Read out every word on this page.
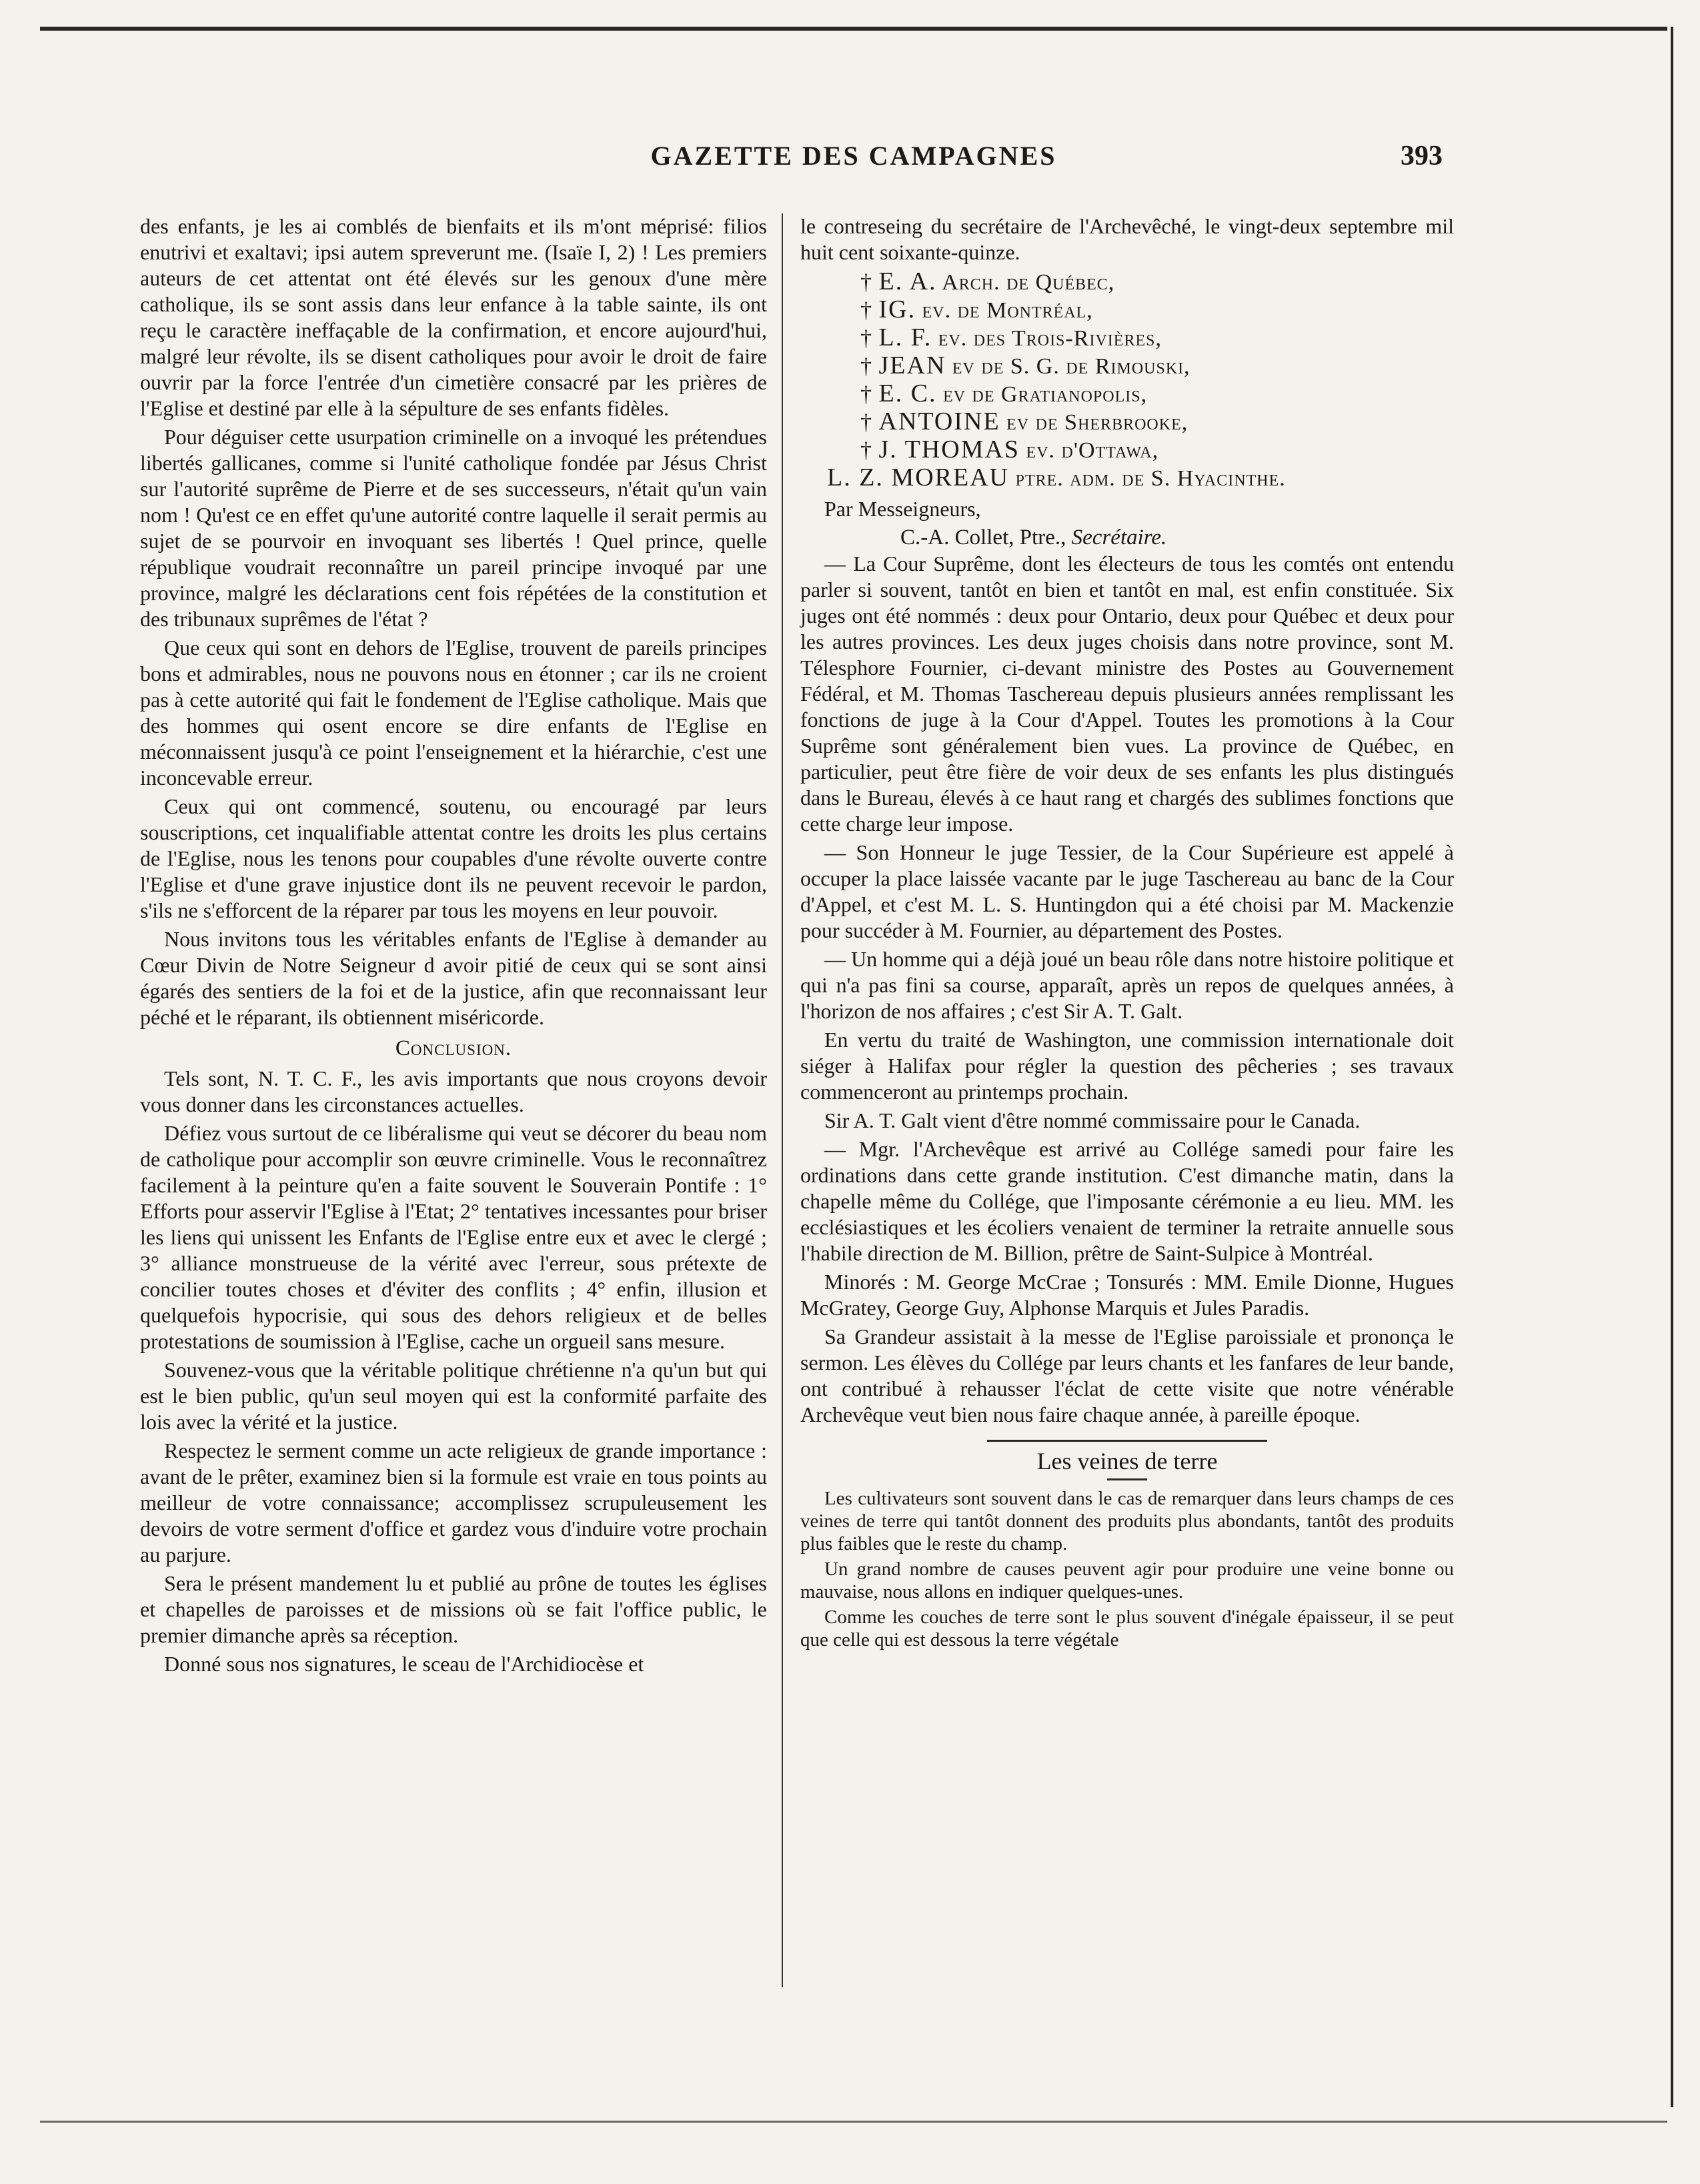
GAZETTE DES CAMPAGNES	393

des enfants, je les ai comblés de bienfaits et ils m'ont méprisé: filios enutrivi et exaltavi; ipsi autem spreverunt me. (Isaïe I, 2) ! Les premiers auteurs de cet attentat ont été élevés sur les genoux d'une mère catholique, ils se sont assis dans leur enfance à la table sainte, ils ont reçu le caractère ineffaçable de la confirmation, et encore aujourd'hui, malgré leur révolte, ils se disent catholiques pour avoir le droit de faire ouvrir par la force l'entrée d'un cimetière consacré par les prières de l'Eglise et destiné par elle à la sépulture de ses enfants fidèles.

Pour déguiser cette usurpation criminelle on a invoqué les prétendues libertés gallicanes, comme si l'unité catholique fondée par Jésus Christ sur l'autorité suprême de Pierre et de ses successeurs, n'était qu'un vain nom ! Qu'est ce en effet qu'une autorité contre laquelle il serait permis au sujet de se pourvoir en invoquant ses libertés ! Quel prince, quelle république voudrait reconnaître un pareil principe invoqué par une province, malgré les déclarations cent fois répétées de la constitution et des tribunaux suprêmes de l'état ?

Que ceux qui sont en dehors de l'Eglise, trouvent de pareils principes bons et admirables, nous ne pouvons nous en étonner ; car ils ne croient pas à cette autorité qui fait le fondement de l'Eglise catholique. Mais que des hommes qui osent encore se dire enfants de l'Eglise en méconnaissent jusqu'à ce point l'enseignement et la hiérarchie, c'est une inconcevable erreur.

Ceux qui ont commencé, soutenu, ou encouragé par leurs souscriptions, cet inqualifiable attentat contre les droits les plus certains de l'Eglise, nous les tenons pour coupables d'une révolte ouverte contre l'Eglise et d'une grave injustice dont ils ne peuvent recevoir le pardon, s'ils ne s'efforcent de la réparer par tous les moyens en leur pouvoir.

Nous invitons tous les véritables enfants de l'Eglise à demander au Cœur Divin de Notre Seigneur d avoir pitié de ceux qui se sont ainsi égarés des sentiers de la foi et de la justice, afin que reconnaissant leur péché et le réparant, ils obtiennent miséricorde.

Conclusion.

Tels sont, N. T. C. F., les avis importants que nous croyons devoir vous donner dans les circonstances actuelles.

Défiez vous surtout de ce libéralisme qui veut se décorer du beau nom de catholique pour accomplir son œuvre criminelle. Vous le reconnaîtrez facilement à la peinture qu'en a faite souvent le Souverain Pontife : 1° Efforts pour asservir l'Eglise à l'Etat; 2° tentatives incessantes pour briser les liens qui unissent les Enfants de l'Eglise entre eux et avec le clergé ; 3° alliance monstrueuse de la vérité avec l'erreur, sous prétexte de concilier toutes choses et d'éviter des conflits ; 4° enfin, illusion et quelquefois hypocrisie, qui sous des dehors religieux et de belles protestations de soumission à l'Eglise, cache un orgueil sans mesure.

Souvenez-vous que la véritable politique chrétienne n'a qu'un but qui est le bien public, qu'un seul moyen qui est la conformité parfaite des lois avec la vérité et la justice.

Respectez le serment comme un acte religieux de grande importance : avant de le prêter, examinez bien si la formule est vraie en tous points au meilleur de votre connaissance; accomplissez scrupuleusement les devoirs de votre serment d'office et gardez vous d'induire votre prochain au parjure.

Sera le présent mandement lu et publié au prône de toutes les églises et chapelles de paroisses et de missions où se fait l'office public, le premier dimanche après sa réception.

Donné sous nos signatures, le sceau de l'Archidiocèse et

le contreseing du secrétaire de l'Archevêché, le vingt-deux septembre mil huit cent soixante-quinze.

† E. A. Arch. de Québec,
† IG. ev. de Montréal,
† L. F. ev. des Trois-Rivières,
† JEAN ev de S. G. de Rimouski,
† E. C. ev de Gratianopolis,
† ANTOINE ev de Sherbrooke,
† J. THOMAS ev. d'Ottawa,
L. Z. MOREAU ptre. adm. de S. Hyacinthe.

Par Messeigneurs,

C.-A. Collet, Ptre., Secrétaire.

— La Cour Suprême, dont les électeurs de tous les comtés ont entendu parler si souvent, tantôt en bien et tantôt en mal, est enfin constituée. Six juges ont été nommés : deux pour Ontario, deux pour Québec et deux pour les autres provinces. Les deux juges choisis dans notre province, sont M. Télesphore Fournier, ci-devant ministre des Postes au Gouvernement Fédéral, et M. Thomas Taschereau depuis plusieurs années remplissant les fonctions de juge à la Cour d'Appel. Toutes les promotions à la Cour Suprême sont généralement bien vues. La province de Québec, en particulier, peut être fière de voir deux de ses enfants les plus distingués dans le Bureau, élevés à ce haut rang et chargés des sublimes fonctions que cette charge leur impose.

— Son Honneur le juge Tessier, de la Cour Supérieure est appelé à occuper la place laissée vacante par le juge Taschereau au banc de la Cour d'Appel, et c'est M. L. S. Huntingdon qui a été choisi par M. Mackenzie pour succéder à M. Fournier, au département des Postes.

— Un homme qui a déjà joué un beau rôle dans notre histoire politique et qui n'a pas fini sa course, apparaît, après un repos de quelques années, à l'horizon de nos affaires ; c'est Sir A. T. Galt.

En vertu du traité de Washington, une commission internationale doit siéger à Halifax pour régler la question des pêcheries ; ses travaux commenceront au printemps prochain.

Sir A. T. Galt vient d'être nommé commissaire pour le Canada.

— Mgr. l'Archevêque est arrivé au Collége samedi pour faire les ordinations dans cette grande institution. C'est dimanche matin, dans la chapelle même du Collége, que l'imposante cérémonie a eu lieu. MM. les ecclésiastiques et les écoliers venaient de terminer la retraite annuelle sous l'habile direction de M. Billion, prêtre de Saint-Sulpice à Montréal.

Minorés : M. George McCrae ; Tonsurés : MM. Emile Dionne, Hugues McGratey, George Guy, Alphonse Marquis et Jules Paradis.

Sa Grandeur assistait à la messe de l'Eglise paroissiale et prononça le sermon. Les élèves du Collége par leurs chants et les fanfares de leur bande, ont contribué à rehausser l'éclat de cette visite que notre vénérable Archevêque veut bien nous faire chaque année, à pareille époque.

Les veines de terre

Les cultivateurs sont souvent dans le cas de remarquer dans leurs champs de ces veines de terre qui tantôt donnent des produits plus abondants, tantôt des produits plus faibles que le reste du champ.

Un grand nombre de causes peuvent agir pour produire une veine bonne ou mauvaise, nous allons en indiquer quelques-unes.

Comme les couches de terre sont le plus souvent d'inégale épaisseur, il se peut que celle qui est dessous la terre végétale
